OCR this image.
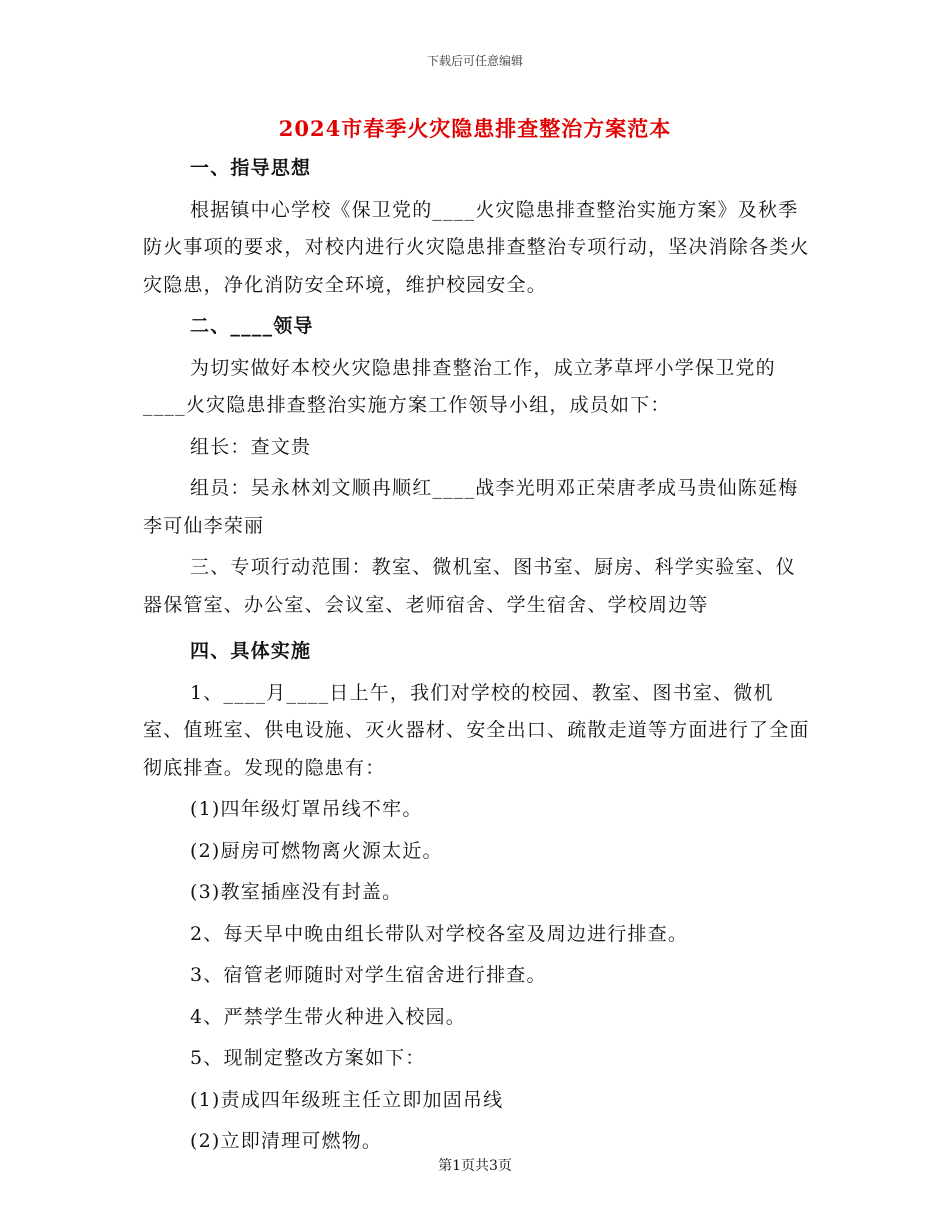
下载后可任意编辑
2024市春季火灾隐患排查整治方案范本

一、指导思想

根据镇中心学校《保卫党的____火灾隐患排查整治实施方案》及秋季防火事项的要求，对校内进行火灾隐患排查整治专项行动，坚决消除各类火灾隐患，净化消防安全环境，维护校园安全。

二、____领导

为切实做好本校火灾隐患排查整治工作，成立茅草坪小学保卫党的____火灾隐患排查整治实施方案工作领导小组，成员如下：

组长：查文贵

组员：吴永林刘文顺冉顺红____战李光明邓正荣唐孝成马贵仙陈延梅李可仙李荣丽

三、专项行动范围：教室、微机室、图书室、厨房、科学实验室、仪器保管室、办公室、会议室、老师宿舍、学生宿舍、学校周边等

四、具体实施

1、____月____日上午，我们对学校的校园、教室、图书室、微机室、值班室、供电设施、灭火器材、安全出口、疏散走道等方面进行了全面彻底排查。发现的隐患有：

(1)四年级灯罩吊线不牢。

(2)厨房可燃物离火源太近。

(3)教室插座没有封盖。

2、每天早中晚由组长带队对学校各室及周边进行排查。

3、宿管老师随时对学生宿舍进行排查。

4、严禁学生带火种进入校园。

5、现制定整改方案如下：

(1)责成四年级班主任立即加固吊线

(2)立即清理可燃物。

第1页共3页
